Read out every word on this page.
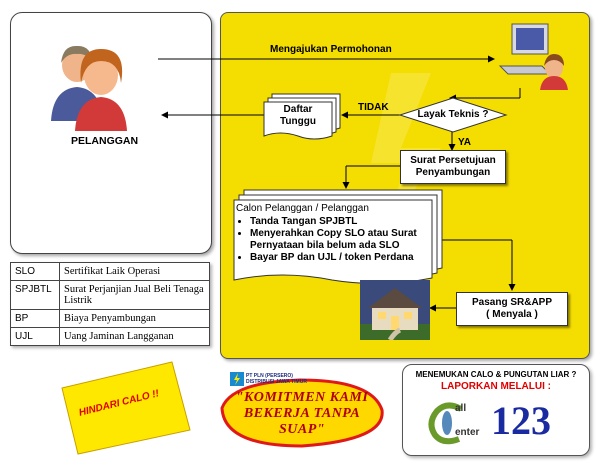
PELANGGAN
Mengajukan Permohonan
Layak Teknis ?
TIDAK
YA
Daftar
Tunggu
Surat Persetujuan
Penyambungan
Calon Pelanggan / Pelanggan
• Tanda Tangan SPJBTL
• Menyerahkan Copy SLO atau Surat Pernyataan bila belum ada SLO
• Bayar BP dan UJL / token Perdana
Pasang SR&APP
( Menyala )
SLO	Sertifikat Laik Operasi
SPJBTL	Surat Perjanjian Jual Beli Tenaga Listrik
BP	Biaya Penyambungan
UJL	Uang Jaminan Langganan
HINDARI CALO !!
PT PLN (PERSERO)
DISTRIBUSI JAWA TIMUR
"KOMITMEN KAMI
BEKERJA TANPA SUAP"
MENEMUKAN CALO & PUNGUTAN LIAR ?
LAPORKAN MELALUI :
all
enter 123
